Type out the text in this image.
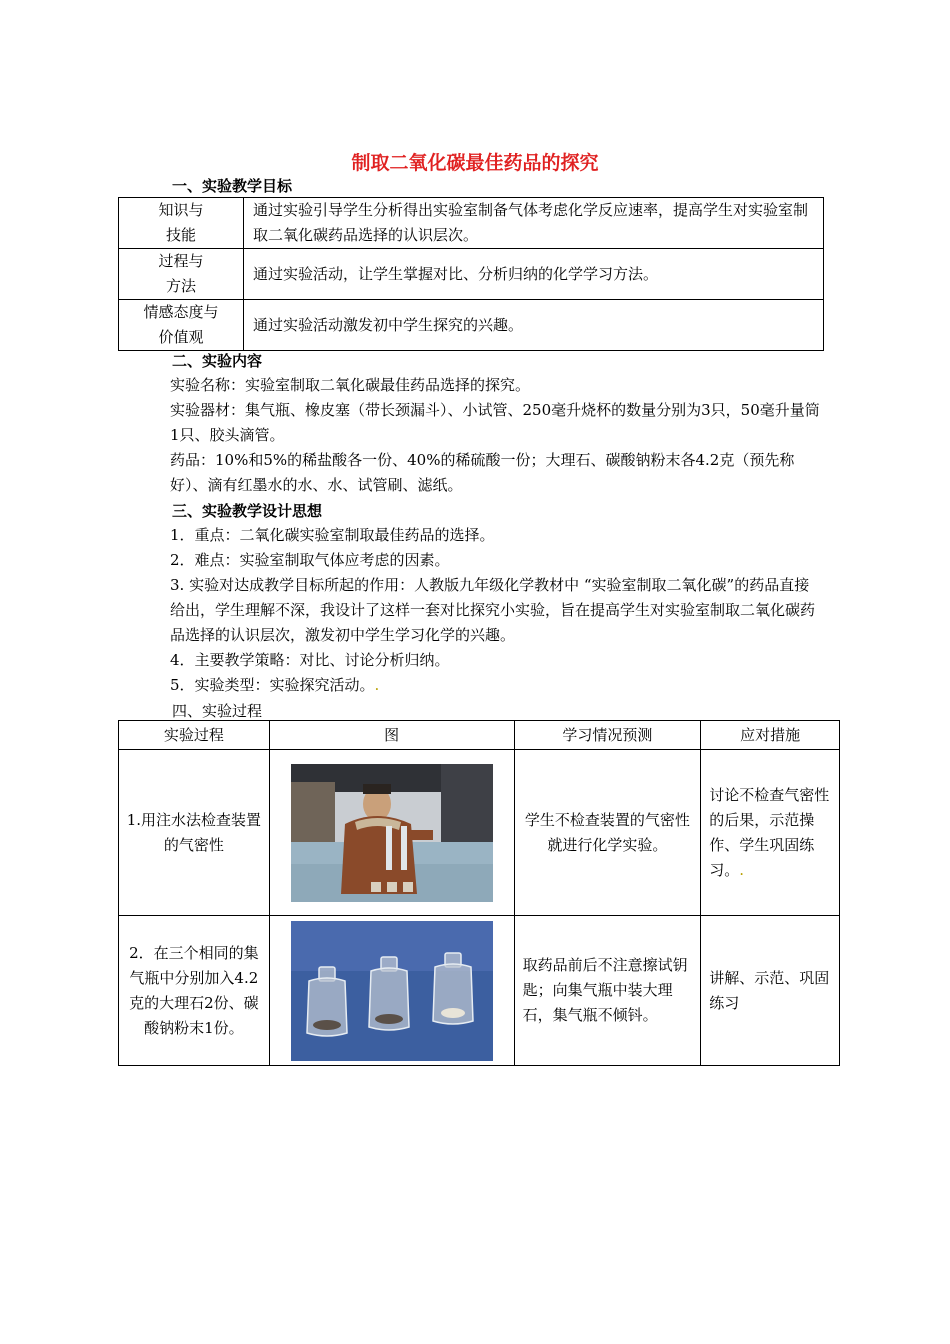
制取二氧化碳最佳药品的探究
一、实验教学目标
知识与
技能	通过实验引导学生分析得出实验室制备气体考虑化学反应速率，提高学生对实验室制取二氧化碳药品选择的认识层次。
过程与
方法	通过实验活动，让学生掌握对比、分析归纳的化学学习方法。
情感态度与
价值观	通过实验活动激发初中学生探究的兴趣。
二、实验内容
实验名称：实验室制取二氧化碳最佳药品选择的探究。
实验器材：集气瓶、橡皮塞（带长颈漏斗）、小试管、250毫升烧杯的数量分别为3只，50毫升量筒1只、胶头滴管。
药品：10%和5%的稀盐酸各一份、40%的稀硫酸一份；大理石、碳酸钠粉末各4.2克（预先称好）、滴有红墨水的水、水、试管刷、滤纸。
三、实验教学设计思想
1．重点：二氧化碳实验室制取最佳药品的选择。
2．难点：实验室制取气体应考虑的因素。
3. 实验对达成教学目标所起的作用：人教版九年级化学教材中 “实验室制取二氧化碳”的药品直接给出，学生理解不深，我设计了这样一套对比探究小实验，旨在提高学生对实验室制取二氧化碳药品选择的认识层次，激发初中学生学习化学的兴趣。
4．主要教学策略：对比、讨论分析归纳。
5．实验类型：实验探究活动。.
四、实验过程
实验过程	图	学习情况预测	应对措施
1.用注水法检查装置的气密性		学生不检查装置的气密性就进行化学实验。	讨论不检查气密性的后果，示范操作、学生巩固练习。.
2．在三个相同的集气瓶中分别加入4.2克的大理石2份、碳酸钠粉末1份。		取药品前后不注意擦试钥匙；向集气瓶中装大理石，集气瓶不倾钭。	讲解、示范、巩固练习
